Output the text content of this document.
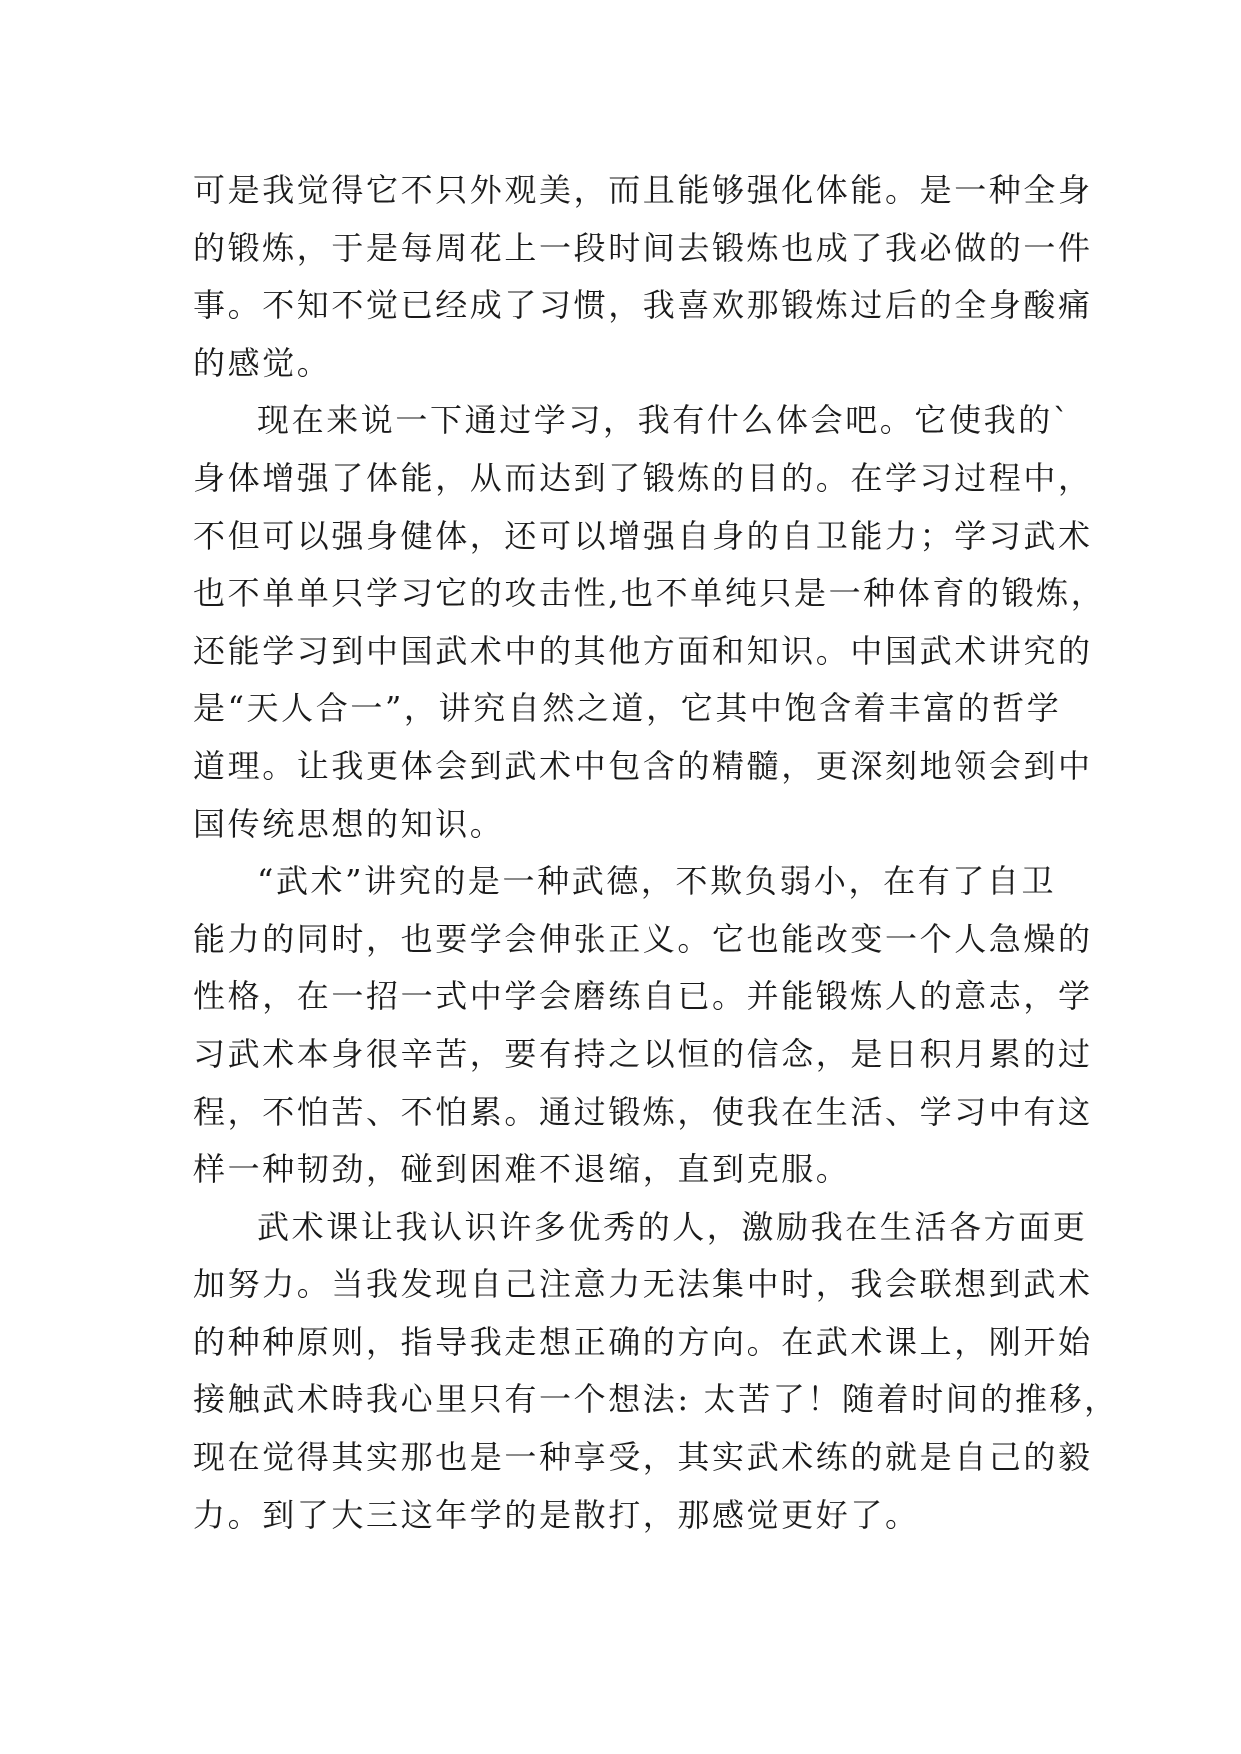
可是我觉得它不只外观美，而且能够强化体能。是一种全身
的锻炼，于是每周花上一段时间去锻炼也成了我必做的一件
事。不知不觉已经成了习惯，我喜欢那锻炼过后的全身酸痛
的感觉。
现在来说一下通过学习，我有什么体会吧。它使我的`
身体增强了体能，从而达到了锻炼的目的。在学习过程中，
不但可以强身健体，还可以增强自身的自卫能力；学习武术
也不单单只学习它的攻击性,也不单纯只是一种体育的锻炼，
还能学习到中国武术中的其他方面和知识。中国武术讲究的
是“天人合一”，讲究自然之道，它其中饱含着丰富的哲学
道理。让我更体会到武术中包含的精髓，更深刻地领会到中
国传统思想的知识。
“武术”讲究的是一种武德，不欺负弱小，在有了自卫
能力的同时，也要学会伸张正义。它也能改变一个人急燥的
性格，在一招一式中学会磨练自已。并能锻炼人的意志，学
习武术本身很辛苦，要有持之以恒的信念，是日积月累的过
程，不怕苦、不怕累。通过锻炼，使我在生活、学习中有这
样一种韧劲，碰到困难不退缩，直到克服。
武术课让我认识许多优秀的人，激励我在生活各方面更
加努力。当我发现自己注意力无法集中时，我会联想到武术
的种种原则，指导我走想正确的方向。在武术课上，刚开始
接触武术時我心里只有一个想法: 太苦了！随着时间的推移，
现在觉得其实那也是一种享受，其实武术练的就是自己的毅
力。到了大三这年学的是散打，那感觉更好了。
